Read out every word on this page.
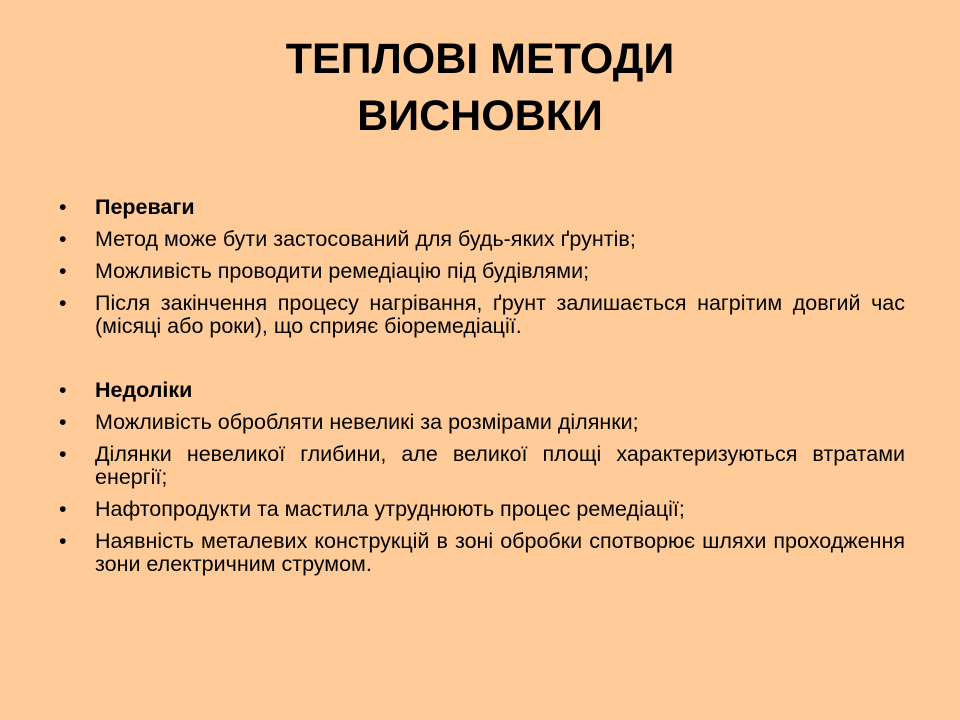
ТЕПЛОВІ МЕТОДИ
ВИСНОВКИ
• Переваги
• Метод може бути застосований для будь-яких ґрунтів;
• Можливість проводити ремедіацію під будівлями;
• Після закінчення процесу нагрівання, ґрунт залишається нагрітим довгий час (місяці або роки), що сприяє біоремедіації.
• Недоліки
• Можливість обробляти невеликі за розмірами ділянки;
• Ділянки невеликої глибини, але великої площі характеризуються втратами енергії;
• Нафтопродукти та мастила утруднюють процес ремедіації;
• Наявність металевих конструкцій в зоні обробки спотворює шляхи проходження зони електричним струмом.
